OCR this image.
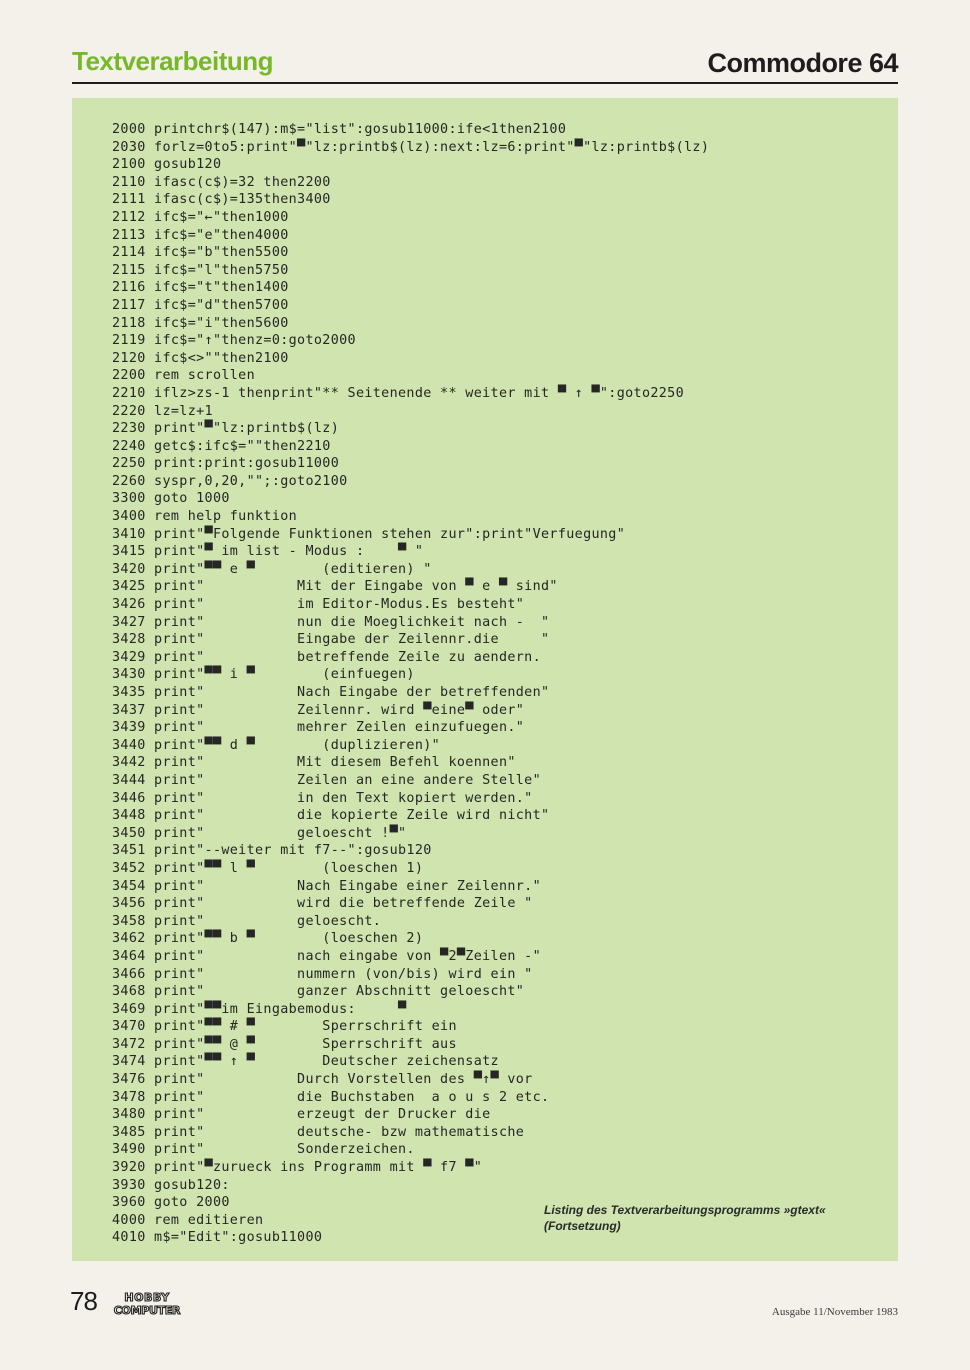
Textverarbeitung	Commodore 64
2000 printchr$(147):m$="list":gosub11000:ife<1then2100
2030 forlz=0to5:print"▀"lz:printb$(lz):next:lz=6:print"▀"lz:printb$(lz)
2100 gosub120
2110 ifasc(c$)=32 then2200
2111 ifasc(c$)=135then3400
2112 ifc$="←"then1000
2113 ifc$="e"then4000
2114 ifc$="b"then5500
2115 ifc$="l"then5750
2116 ifc$="t"then1400
2117 ifc$="d"then5700
2118 ifc$="i"then5600
2119 ifc$="↑"thenz=0:goto2000
2120 ifc$<>""then2100
2200 rem scrollen
2210 iflz>zs-1 thenprint"** Seitenende ** weiter mit ▀ ↑ ▀":goto2250
2220 lz=lz+1
2230 print"▀"lz:printb$(lz)
2240 getc$:ifc$=""then2210
2250 print:print:gosub11000
2260 syspr,0,20,"";:goto2100
3300 goto 1000
3400 rem help funktion
3410 print"▀Folgende Funktionen stehen zur":print"Verfuegung"
3415 print"▀ im list - Modus :    ▀ "
3420 print"▀▀ e ▀        (editieren) "
3425 print"           Mit der Eingabe von ▀ e ▀ sind"
3426 print"           im Editor-Modus.Es besteht"
3427 print"           nun die Moeglichkeit nach -  "
3428 print"           Eingabe der Zeilennr.die     "
3429 print"           betreffende Zeile zu aendern.
3430 print"▀▀ i ▀        (einfuegen)
3435 print"           Nach Eingabe der betreffenden"
3437 print"           Zeilennr. wird ▀eine▀ oder"
3439 print"           mehrer Zeilen einzufuegen."
3440 print"▀▀ d ▀        (duplizieren)"
3442 print"           Mit diesem Befehl koennen"
3444 print"           Zeilen an eine andere Stelle"
3446 print"           in den Text kopiert werden."
3448 print"           die kopierte Zeile wird nicht"
3450 print"           geloescht !▀"
3451 print"--weiter mit f7--":gosub120
3452 print"▀▀ l ▀        (loeschen 1)
3454 print"           Nach Eingabe einer Zeilennr."
3456 print"           wird die betreffende Zeile "
3458 print"           geloescht.
3462 print"▀▀ b ▀        (loeschen 2)
3464 print"           nach eingabe von ▀2▀Zeilen -"
3466 print"           nummern (von/bis) wird ein "
3468 print"           ganzer Abschnitt geloescht"
3469 print"▀▀im Eingabemodus:     ▀
3470 print"▀▀ # ▀        Sperrschrift ein
3472 print"▀▀ @ ▀        Sperrschrift aus
3474 print"▀▀ ↑ ▀        Deutscher zeichensatz
3476 print"           Durch Vorstellen des ▀↑▀ vor
3478 print"           die Buchstaben  a o u s 2 etc.
3480 print"           erzeugt der Drucker die
3485 print"           deutsche- bzw mathematische
3490 print"           Sonderzeichen.
3920 print"▀zurueck ins Programm mit ▀ f7 ▀"
3930 gosub120:
3960 goto 2000
4000 rem editieren
4010 m$="Edit":gosub11000
Listing des Textverarbeitungsprogramms »gtext«
(Fortsetzung)
78 HOBBY
COMPUTER	Ausgabe 11/November 1983
